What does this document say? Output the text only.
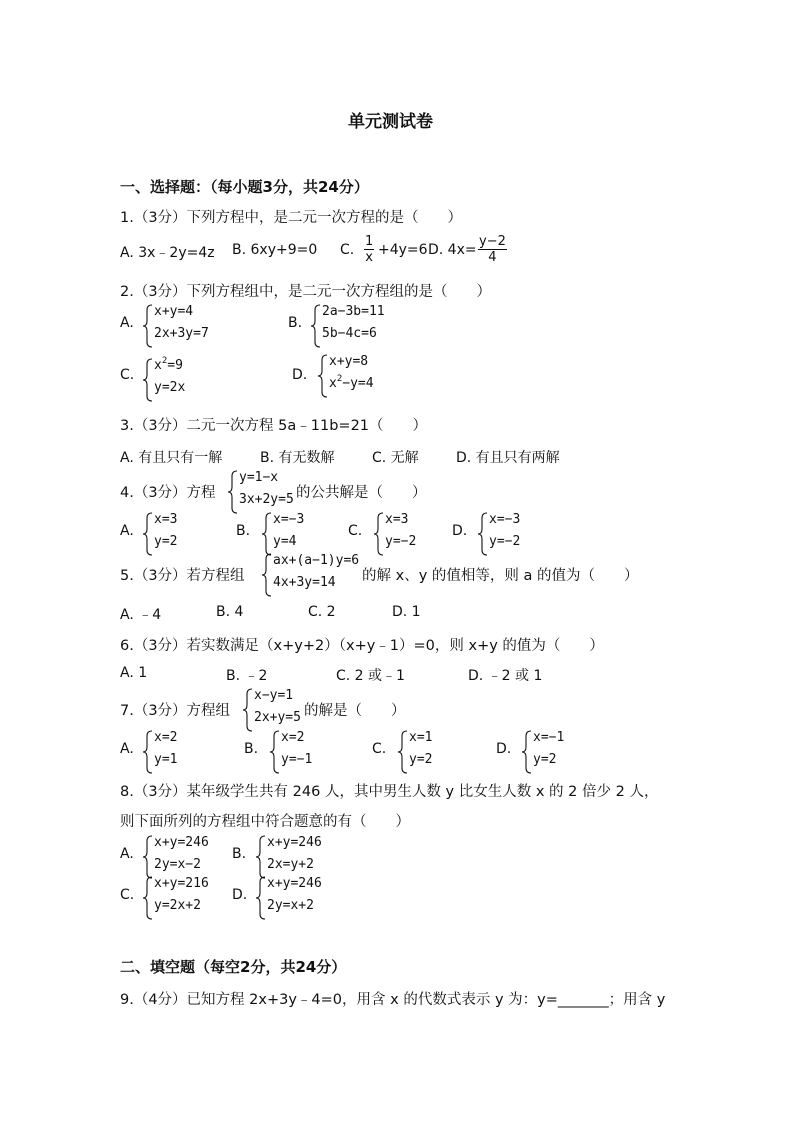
单元测试卷
一、选择题：（每小题3分，共24分）
1.（3分）下列方程中，是二元一次方程的是（　　）
A. 3x﹣2y=4z B. 6xy+9=0 C. $\frac{1}{x} +4y=6$ D. $4x= \frac{y-2}{4}$
2.（3分）下列方程组中，是二元一次方程组的是（　　）
A.
x+y=4
2x+3y=7
B.
2a−3b=11
5b−4c=6
C.
$x^2=9$
y=2x
D.
x+y=8
$x^2-y=4$
3.（3分）二元一次方程 5a﹣11b=21（　　）
A. 有且只有一解	B. 有无数解	C. 无解	D. 有且只有两解
4.（3分）方程
y=1−x
3x+2y=5 的公共解是（　　）
A.
x=3
y=2
B.
x=−3
y=4
C.
x=3
y=−2
D.
x=−3
y=−2
5.（3分）若方程组
ax+(a−1)y=6
4x+3y=14 的解 x、y 的值相等，则 a 的值为（　　）
A. ﹣4	B. 4	C. 2	D. 1
6.（3分）若实数满足（x+y+2）（x+y﹣1）=0，则 x+y 的值为（　　）
A. 1	B. ﹣2	C. 2 或﹣1	D. ﹣2 或 1
7.（3分）方程组
x−y=1
2x+y=5 的解是（　　）
A.
x=2
y=1
B.
x=2
y=−1
C.
x=1
y=2
D.
x=−1
y=2
8.（3分）某年级学生共有 246 人，其中男生人数 y 比女生人数 x 的 2 倍少 2 人，
则下面所列的方程组中符合题意的有（　　）
A.
x+y=246
2y=x−2
B.
x+y=246
2x=y+2
C.
x+y=216
y=2x+2
D.
x+y=246
2y=x+2
二、填空题（每空2分，共24分）
9.（4分）已知方程 2x+3y﹣4=0，用含 x 的代数式表示 y 为：y=_______；用含 y
